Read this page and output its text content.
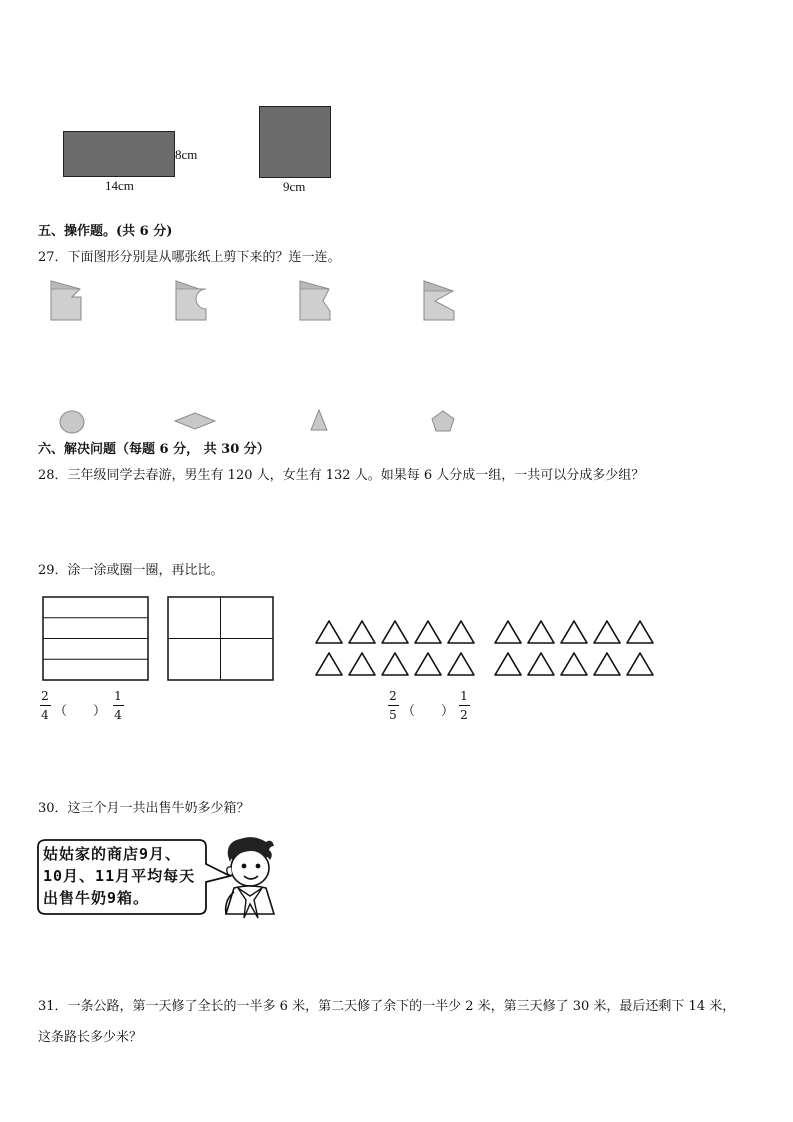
8cm
14cm	9cm
五、操作题。(共 6 分)
27．下面图形分别是从哪张纸上剪下来的？连一连。
六、解决问题（每题 6 分， 共 30 分）
28．三年级同学去春游，男生有 120 人，女生有 132 人。如果每 6 人分成一组，一共可以分成多少组？
29．涂一涂或圈一圈，再比比。
2
4 （　　）
1
4
2
5 （　　）
1
2
30．这三个月一共出售牛奶多少箱？
姑姑家的商店9月、
10月、11月平均每天
出售牛奶9箱。
31．一条公路，第一天修了全长的一半多 6 米，第二天修了余下的一半少 2 米，第三天修了 30 米，最后还剩下 14 米，
这条路长多少米？
